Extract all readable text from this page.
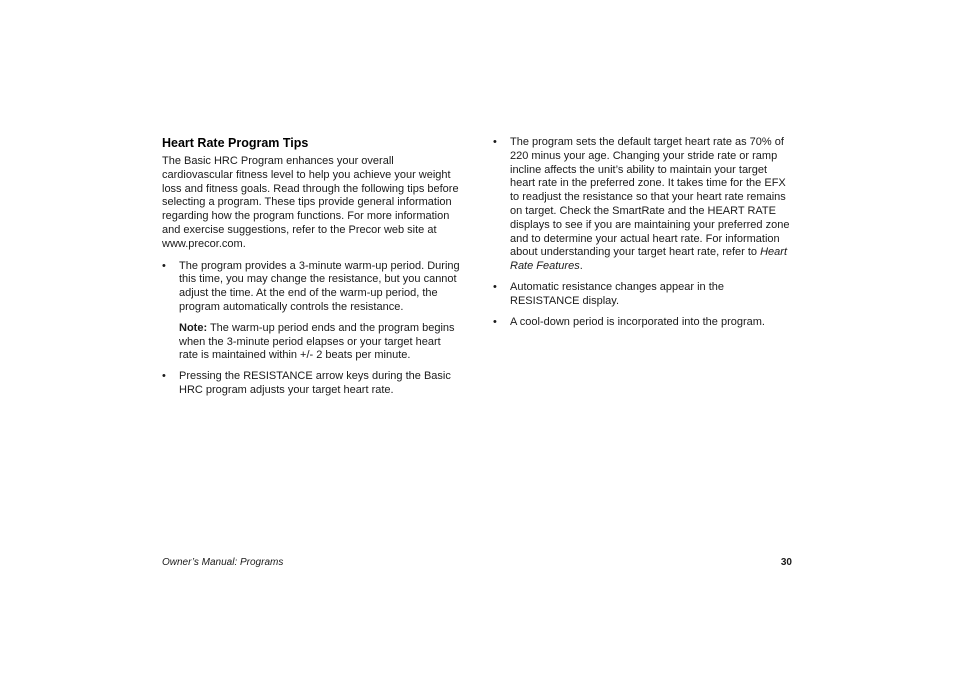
Heart Rate Program Tips

The Basic HRC Program enhances your overall cardiovascular fitness level to help you achieve your weight loss and fitness goals. Read through the following tips before selecting a program. These tips provide general information regarding how the program functions. For more information and exercise suggestions, refer to the Precor web site at www.precor.com.

• The program provides a 3-minute warm-up period. During this time, you may change the resistance, but you cannot adjust the time. At the end of the warm-up period, the program automatically controls the resistance.
Note: The warm-up period ends and the program begins when the 3-minute period elapses or your target heart rate is maintained within +/- 2 beats per minute.
• Pressing the RESISTANCE arrow keys during the Basic HRC program adjusts your target heart rate.
• The program sets the default target heart rate as 70% of 220 minus your age. Changing your stride rate or ramp incline affects the unit’s ability to maintain your target heart rate in the preferred zone. It takes time for the EFX to readjust the resistance so that your heart rate remains on target. Check the SmartRate and the HEART RATE displays to see if you are maintaining your preferred zone and to determine your actual heart rate. For information about understanding your target heart rate, refer to Heart Rate Features.
• Automatic resistance changes appear in the RESISTANCE display.
• A cool-down period is incorporated into the program.
Owner’s Manual: Programs	30
